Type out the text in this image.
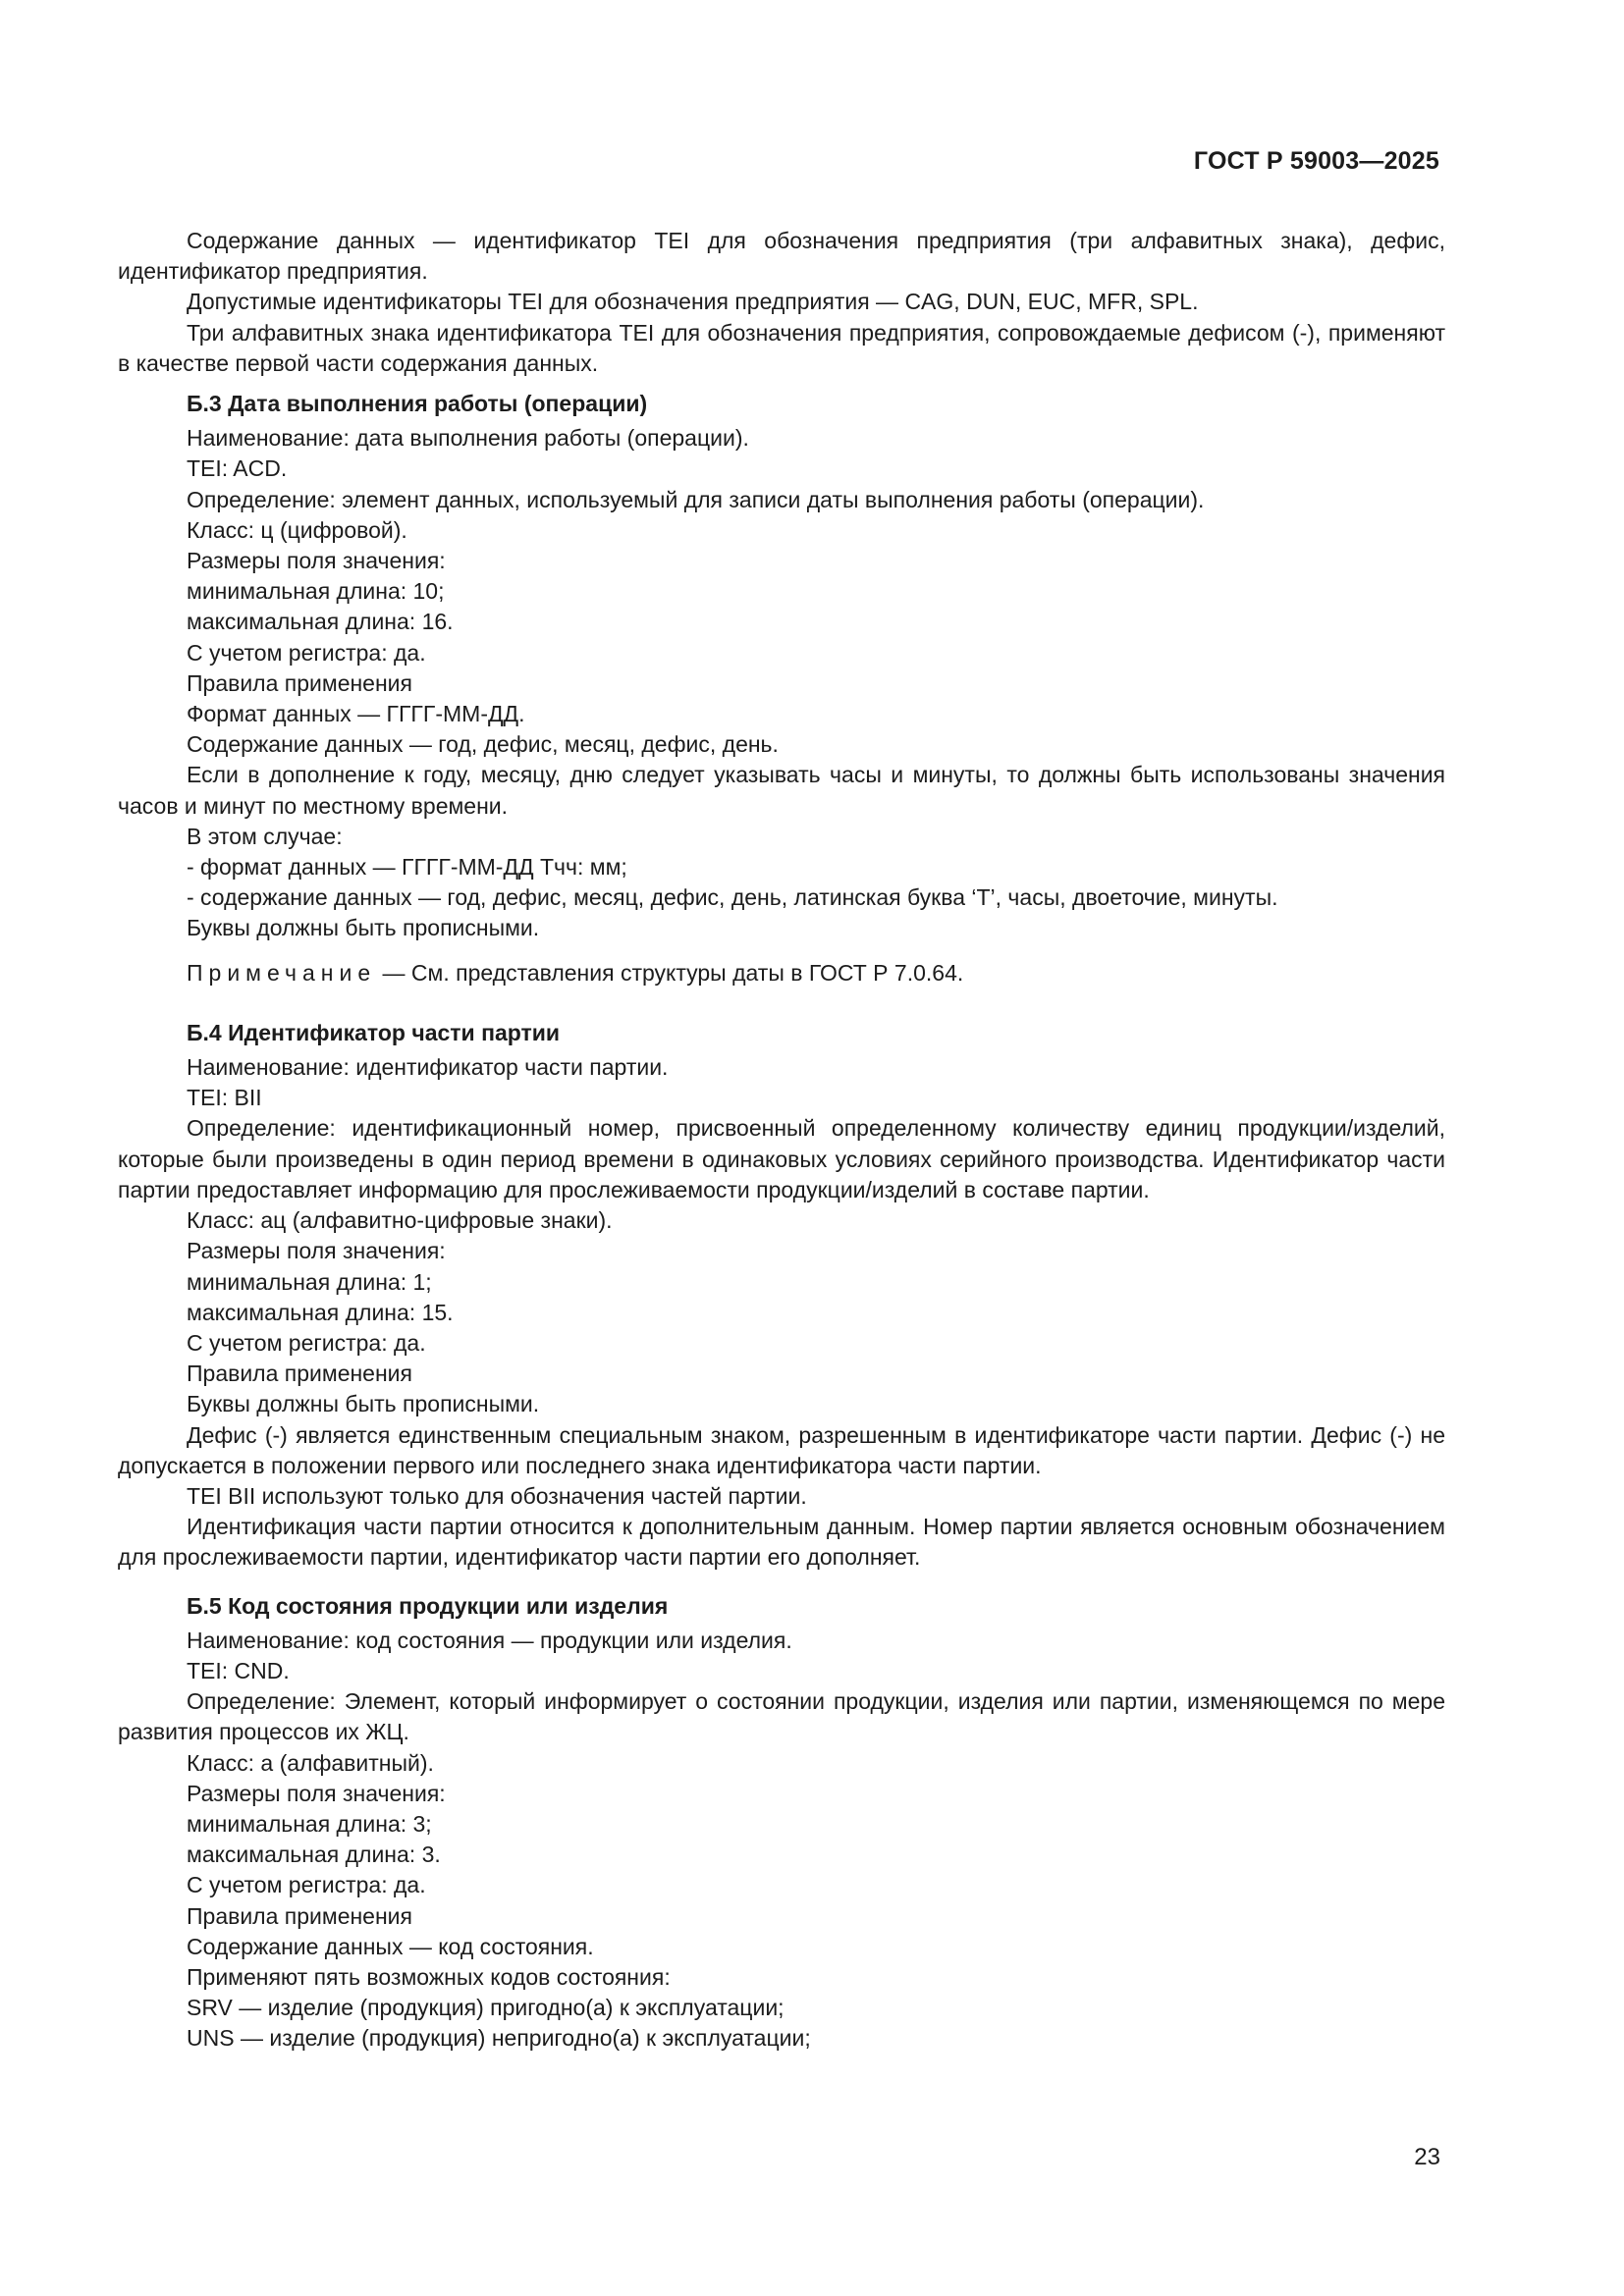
ГОСТ Р 59003—2025

Содержание данных — идентификатор TEI для обозначения предприятия (три алфавитных знака), дефис, идентификатор предприятия.

Допустимые идентификаторы TEI для обозначения предприятия — CAG, DUN, EUC, MFR, SPL.

Три алфавитных знака идентификатора TEI для обозначения предприятия, сопровождаемые дефисом (-), применяют в качестве первой части содержания данных.

Б.3 Дата выполнения работы (операции)

Наименование: дата выполнения работы (операции).

TEI: ACD.

Определение: элемент данных, используемый для записи даты выполнения работы (операции).

Класс: ц (цифровой).

Размеры поля значения:

минимальная длина: 10;

максимальная длина: 16.

С учетом регистра: да.

Правила применения

Формат данных — ГГГГ-ММ-ДД.

Содержание данных — год, дефис, месяц, дефис, день.

Если в дополнение к году, месяцу, дню следует указывать часы и минуты, то должны быть использованы значения часов и минут по местному времени.

В этом случае:

- формат данных — ГГГГ-ММ-ДД Тчч: мм;

- содержание данных — год, дефис, месяц, дефис, день, латинская буква ‘T’, часы, двоеточие, минуты.

Буквы должны быть прописными.

Примечание — См. представления структуры даты в ГОСТ Р 7.0.64.

Б.4 Идентификатор части партии

Наименование: идентификатор части партии.

TEI: BII

Определение: идентификационный номер, присвоенный определенному количеству единиц продукции/изделий, которые были произведены в один период времени в одинаковых условиях серийного производства. Идентификатор части партии предоставляет информацию для прослеживаемости продукции/изделий в составе партии.

Класс: ац (алфавитно-цифровые знаки).

Размеры поля значения:

минимальная длина: 1;

максимальная длина: 15.

С учетом регистра: да.

Правила применения

Буквы должны быть прописными.

Дефис (-) является единственным специальным знаком, разрешенным в идентификаторе части партии. Дефис (-) не допускается в положении первого или последнего знака идентификатора части партии.

TEI BII используют только для обозначения частей партии.

Идентификация части партии относится к дополнительным данным. Номер партии является основным обозначением для прослеживаемости партии, идентификатор части партии его дополняет.

Б.5 Код состояния продукции или изделия

Наименование: код состояния — продукции или изделия.

TEI: CND.

Определение: Элемент, который информирует о состоянии продукции, изделия или партии, изменяющемся по мере развития процессов их ЖЦ.

Класс: а (алфавитный).

Размеры поля значения:

минимальная длина: 3;

максимальная длина: 3.

С учетом регистра: да.

Правила применения

Содержание данных — код состояния.

Применяют пять возможных кодов состояния:

SRV — изделие (продукция) пригодно(а) к эксплуатации;

UNS — изделие (продукция) непригодно(а) к эксплуатации;

23
